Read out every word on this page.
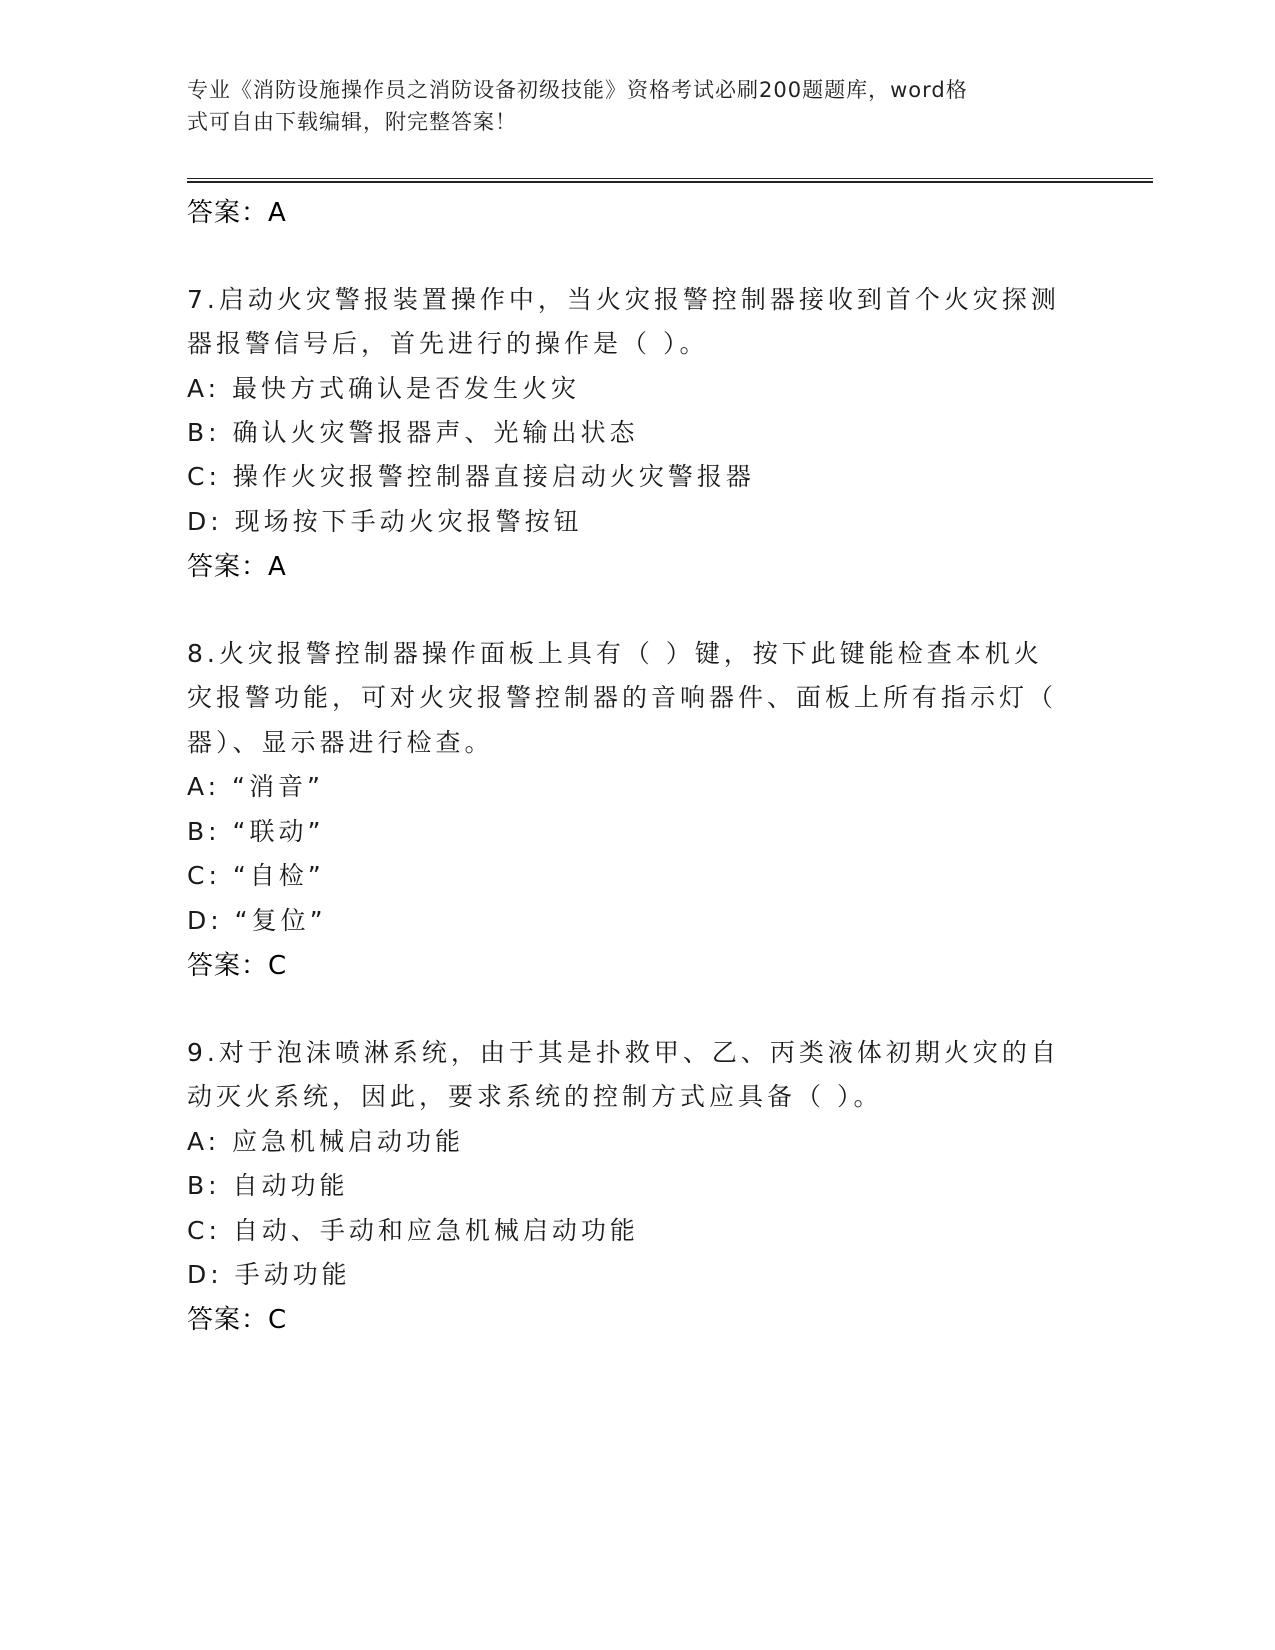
专业《消防设施操作员之消防设备初级技能》资格考试必刷200题题库，word格
式可自由下载编辑，附完整答案！
答案：A
7.启动火灾警报装置操作中，当火灾报警控制器接收到首个火灾探测
器报警信号后，首先进行的操作是（ ）。
A: 最快方式确认是否发生火灾
B: 确认火灾警报器声、光输出状态
C: 操作火灾报警控制器直接启动火灾警报器
D: 现场按下手动火灾报警按钮
答案：A
8.火灾报警控制器操作面板上具有（ ）键，按下此键能检查本机火
灾报警功能，可对火灾报警控制器的音响器件、面板上所有指示灯（
器）、显示器进行检查。
A: “消音”
B: “联动”
C: “自检”
D: “复位”
答案：C
9.对于泡沫喷淋系统，由于其是扑救甲、乙、丙类液体初期火灾的自
动灭火系统，因此，要求系统的控制方式应具备（ ）。
A: 应急机械启动功能
B: 自动功能
C: 自动、手动和应急机械启动功能
D: 手动功能
答案：C
